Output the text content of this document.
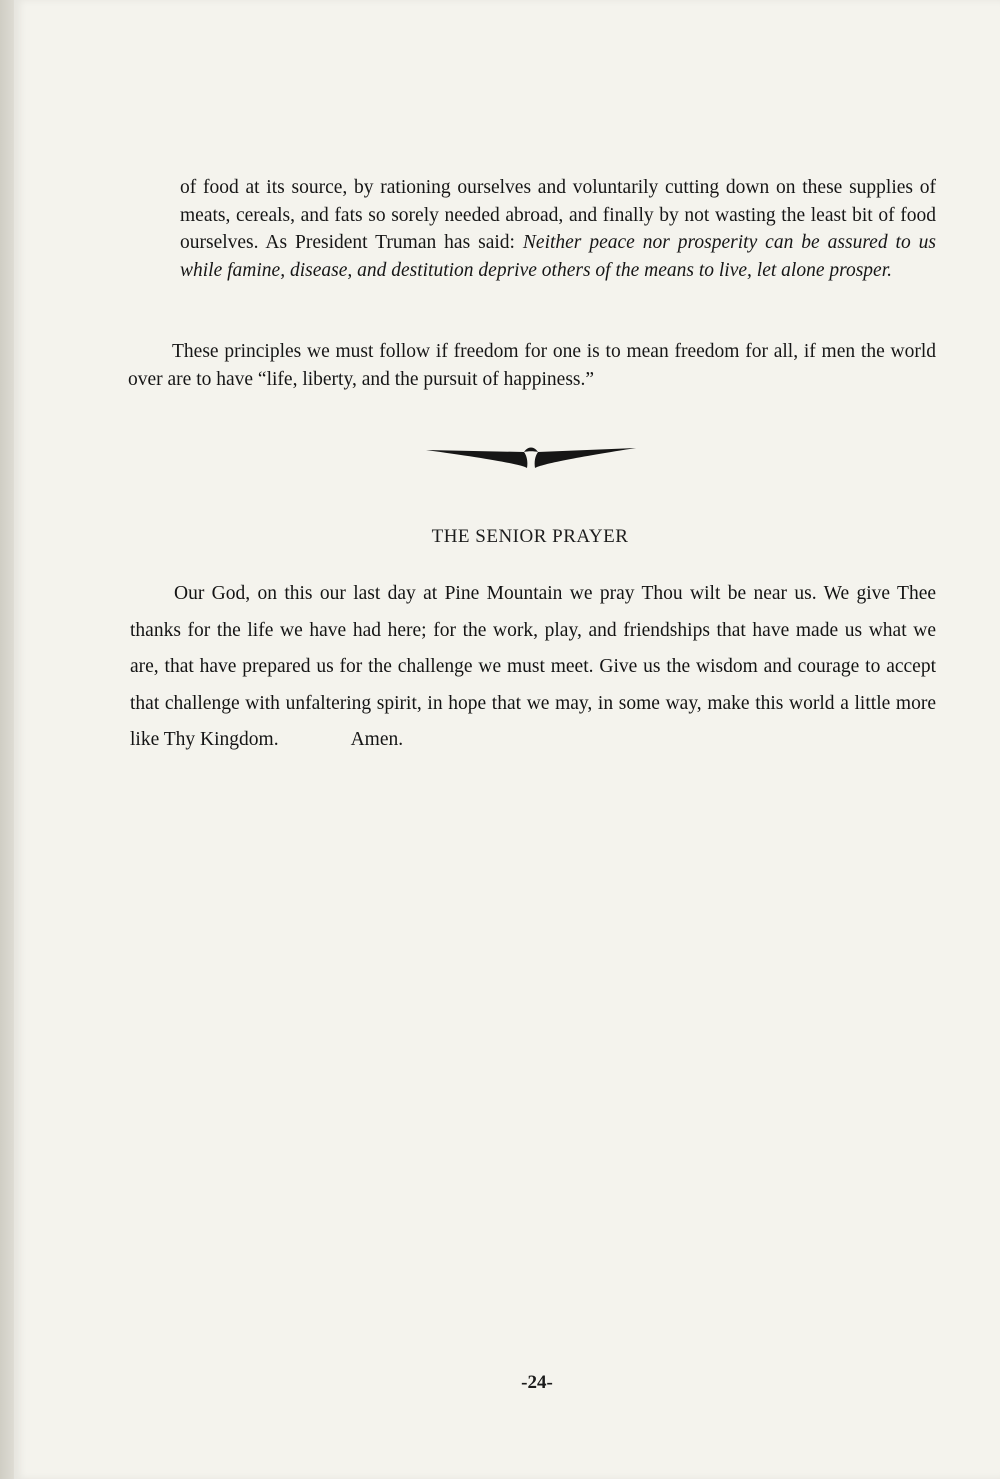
of food at its source, by rationing ourselves and voluntarily cutting down on these supplies of meats, cereals, and fats so sorely needed abroad, and finally by not wasting the least bit of food ourselves. As President Truman has said: Neither peace nor prosperity can be assured to us while famine, disease, and destitution deprive others of the means to live, let alone prosper.
These principles we must follow if freedom for one is to mean freedom for all, if men the world over are to have “life, liberty, and the pursuit of happiness.”
THE SENIOR PRAYER
Our God, on this our last day at Pine Mountain we pray Thou wilt be near us. We give Thee thanks for the life we have had here; for the work, play, and friendships that have made us what we are, that have prepared us for the challenge we must meet. Give us the wisdom and courage to accept that challenge with unfaltering spirit, in hope that we may, in some way, make this world a little more like Thy Kingdom.	Amen.
-24-
